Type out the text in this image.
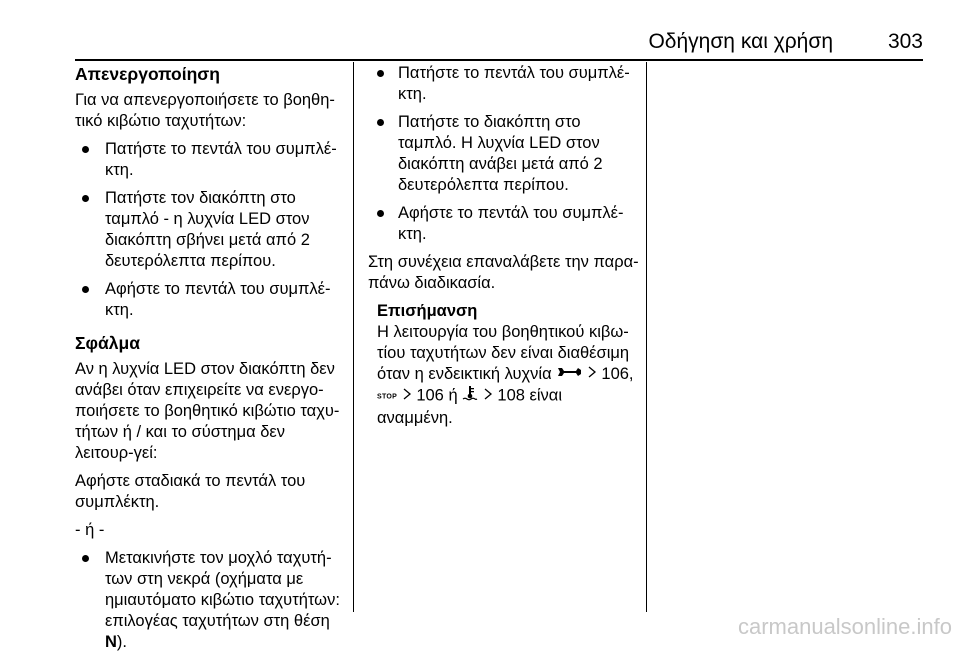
Οδήγηση και χρήση	303
Απενεργοποίηση

Για να απενεργοποιήσετε το βοηθη-τικό κιβώτιο ταχυτήτων:

Πατήστε το πεντάλ του συμπλέ-κτη.
Πατήστε τον διακόπτη στο ταμπλό - η λυχνία LED στον διακόπτη σβήνει μετά από 2 δευτερόλεπτα περίπου.
Αφήστε το πεντάλ του συμπλέ-κτη.
Σφάλμα

Αν η λυχνία LED στον διακόπτη δεν ανάβει όταν επιχειρείτε να ενεργο-ποιήσετε το βοηθητικό κιβώτιο ταχυ-τήτων ή / και το σύστημα δεν λειτουρ-γεί:

Αφήστε σταδιακά το πεντάλ του συμπλέκτη.

- ή -

Μετακινήστε τον μοχλό ταχυτή-των στη νεκρά (οχήματα με ημιαυτόματο κιβώτιο ταχυτήτων: επιλογέας ταχυτήτων στη θέση N).
Πατήστε το πεντάλ του συμπλέ-κτη.
Πατήστε το διακόπτη στο ταμπλό. Η λυχνία LED στον διακόπτη ανάβει μετά από 2 δευτερόλεπτα περίπου.
Αφήστε το πεντάλ του συμπλέ-κτη.

Στη συνέχεια επαναλάβετε την παρα-πάνω διαδικασία.

Επισήμανση
Η λειτουργία του βοηθητικού κιβω-τίου ταχυτήτων δεν είναι διαθέσιμη όταν η ενδεικτική λυχνία	106,
STOP 106 ή 108 είναι αναμμένη.
carmanualsonline.info
